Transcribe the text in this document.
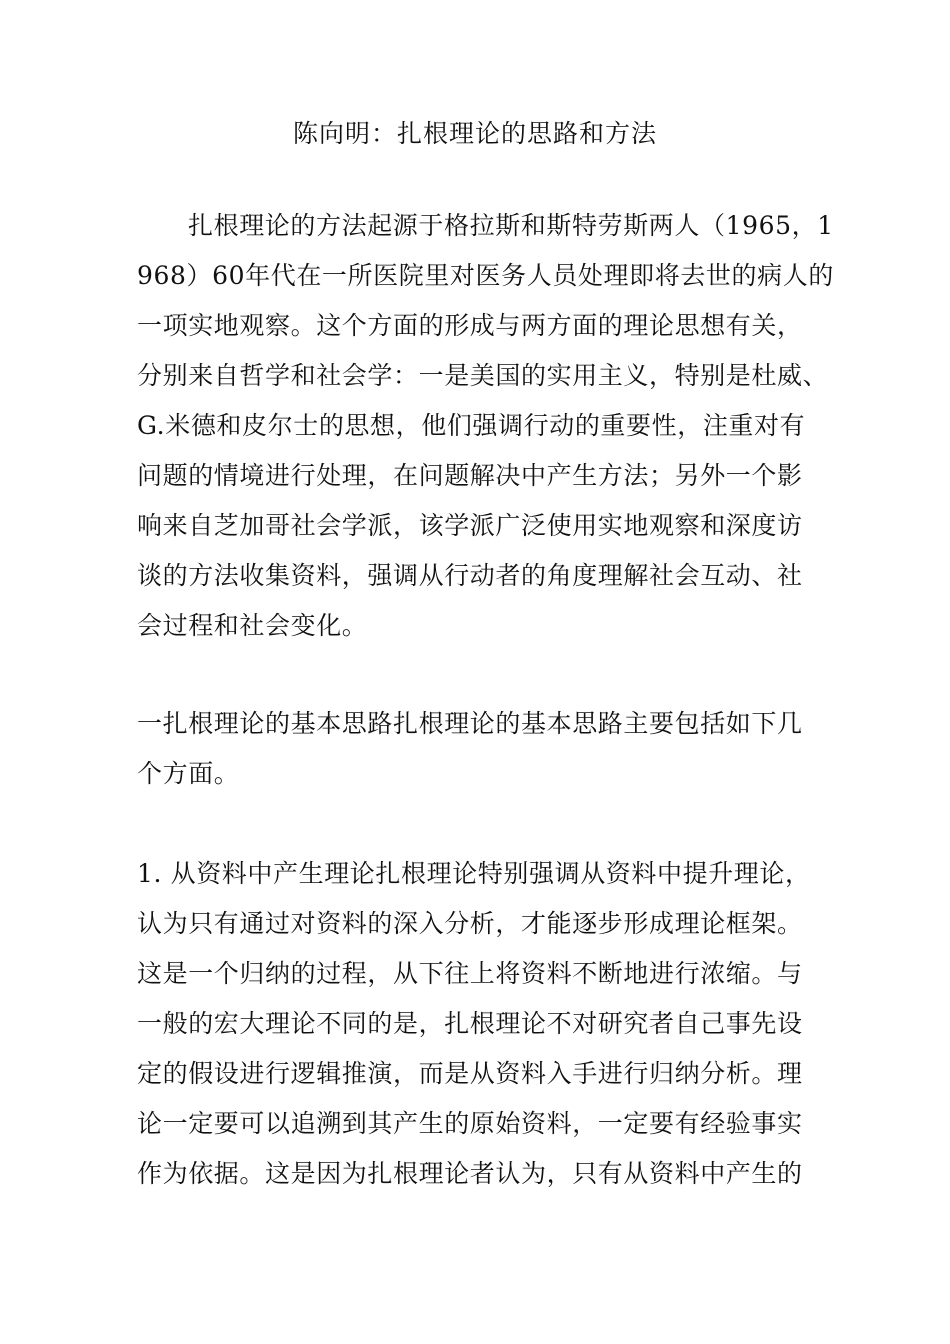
陈向明：扎根理论的思路和方法
扎根理论的方法起源于格拉斯和斯特劳斯两人（1965，1
968）60年代在一所医院里对医务人员处理即将去世的病人的
一项实地观察。这个方面的形成与两方面的理论思想有关，
分别来自哲学和社会学：一是美国的实用主义，特别是杜威、
G.米德和皮尔士的思想，他们强调行动的重要性，注重对有
问题的情境进行处理，在问题解决中产生方法；另外一个影
响来自芝加哥社会学派，该学派广泛使用实地观察和深度访
谈的方法收集资料，强调从行动者的角度理解社会互动、社
会过程和社会变化。
一扎根理论的基本思路扎根理论的基本思路主要包括如下几
个方面。
1. 从资料中产生理论扎根理论特别强调从资料中提升理论，
认为只有通过对资料的深入分析，才能逐步形成理论框架。
这是一个归纳的过程，从下往上将资料不断地进行浓缩。与
一般的宏大理论不同的是，扎根理论不对研究者自己事先设
定的假设进行逻辑推演，而是从资料入手进行归纳分析。理
论一定要可以追溯到其产生的原始资料，一定要有经验事实
作为依据。这是因为扎根理论者认为，只有从资料中产生的
